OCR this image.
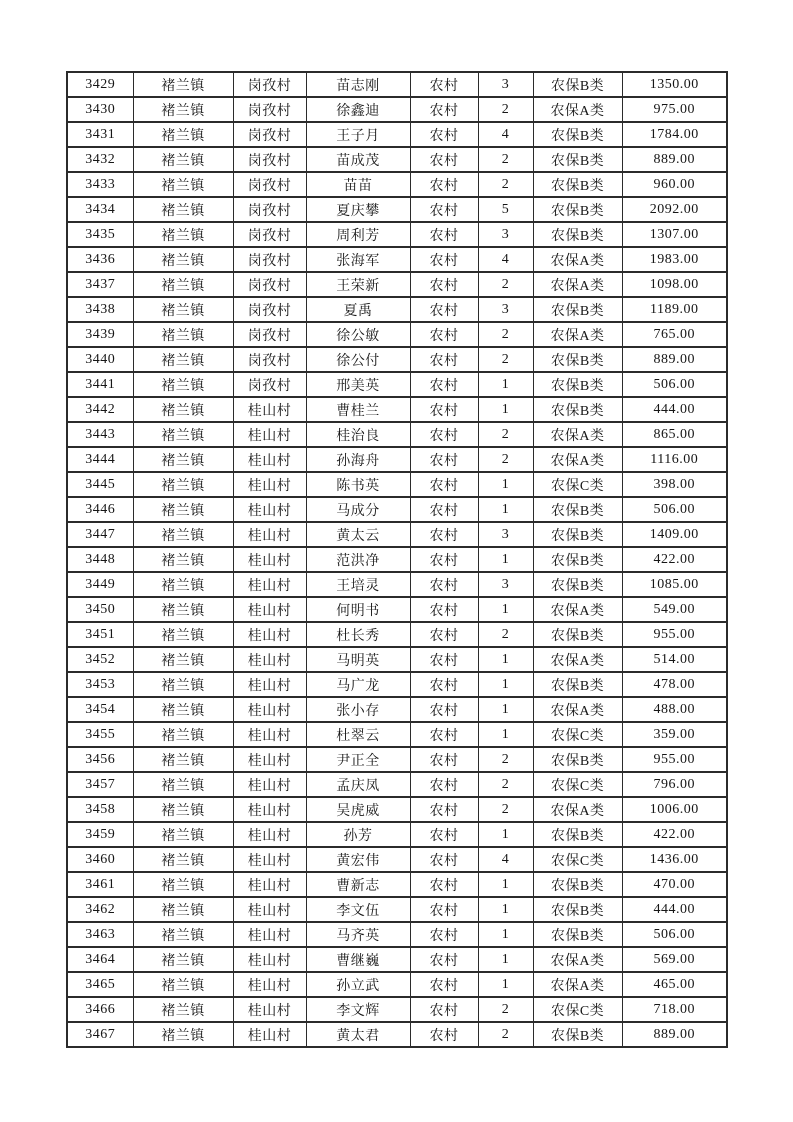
3429	褚兰镇	岗孜村	苗志刚	农村	3	农保B类	1350.00
3430	褚兰镇	岗孜村	徐鑫迪	农村	2	农保A类	975.00
3431	褚兰镇	岗孜村	王子月	农村	4	农保B类	1784.00
3432	褚兰镇	岗孜村	苗成茂	农村	2	农保B类	889.00
3433	褚兰镇	岗孜村	苗苗	农村	2	农保B类	960.00
3434	褚兰镇	岗孜村	夏庆攀	农村	5	农保B类	2092.00
3435	褚兰镇	岗孜村	周利芳	农村	3	农保B类	1307.00
3436	褚兰镇	岗孜村	张海军	农村	4	农保A类	1983.00
3437	褚兰镇	岗孜村	王荣新	农村	2	农保A类	1098.00
3438	褚兰镇	岗孜村	夏禹	农村	3	农保B类	1189.00
3439	褚兰镇	岗孜村	徐公敏	农村	2	农保A类	765.00
3440	褚兰镇	岗孜村	徐公付	农村	2	农保B类	889.00
3441	褚兰镇	岗孜村	邢美英	农村	1	农保B类	506.00
3442	褚兰镇	桂山村	曹桂兰	农村	1	农保B类	444.00
3443	褚兰镇	桂山村	桂治良	农村	2	农保A类	865.00
3444	褚兰镇	桂山村	孙海舟	农村	2	农保A类	1116.00
3445	褚兰镇	桂山村	陈书英	农村	1	农保C类	398.00
3446	褚兰镇	桂山村	马成分	农村	1	农保B类	506.00
3447	褚兰镇	桂山村	黄太云	农村	3	农保B类	1409.00
3448	褚兰镇	桂山村	范洪净	农村	1	农保B类	422.00
3449	褚兰镇	桂山村	王培灵	农村	3	农保B类	1085.00
3450	褚兰镇	桂山村	何明书	农村	1	农保A类	549.00
3451	褚兰镇	桂山村	杜长秀	农村	2	农保B类	955.00
3452	褚兰镇	桂山村	马明英	农村	1	农保A类	514.00
3453	褚兰镇	桂山村	马广龙	农村	1	农保B类	478.00
3454	褚兰镇	桂山村	张小存	农村	1	农保A类	488.00
3455	褚兰镇	桂山村	杜翠云	农村	1	农保C类	359.00
3456	褚兰镇	桂山村	尹正全	农村	2	农保B类	955.00
3457	褚兰镇	桂山村	孟庆凤	农村	2	农保C类	796.00
3458	褚兰镇	桂山村	吴虎威	农村	2	农保A类	1006.00
3459	褚兰镇	桂山村	孙芳	农村	1	农保B类	422.00
3460	褚兰镇	桂山村	黄宏伟	农村	4	农保C类	1436.00
3461	褚兰镇	桂山村	曹新志	农村	1	农保B类	470.00
3462	褚兰镇	桂山村	李文伍	农村	1	农保B类	444.00
3463	褚兰镇	桂山村	马齐英	农村	1	农保B类	506.00
3464	褚兰镇	桂山村	曹继巍	农村	1	农保A类	569.00
3465	褚兰镇	桂山村	孙立武	农村	1	农保A类	465.00
3466	褚兰镇	桂山村	李文辉	农村	2	农保C类	718.00
3467	褚兰镇	桂山村	黄太君	农村	2	农保B类	889.00
